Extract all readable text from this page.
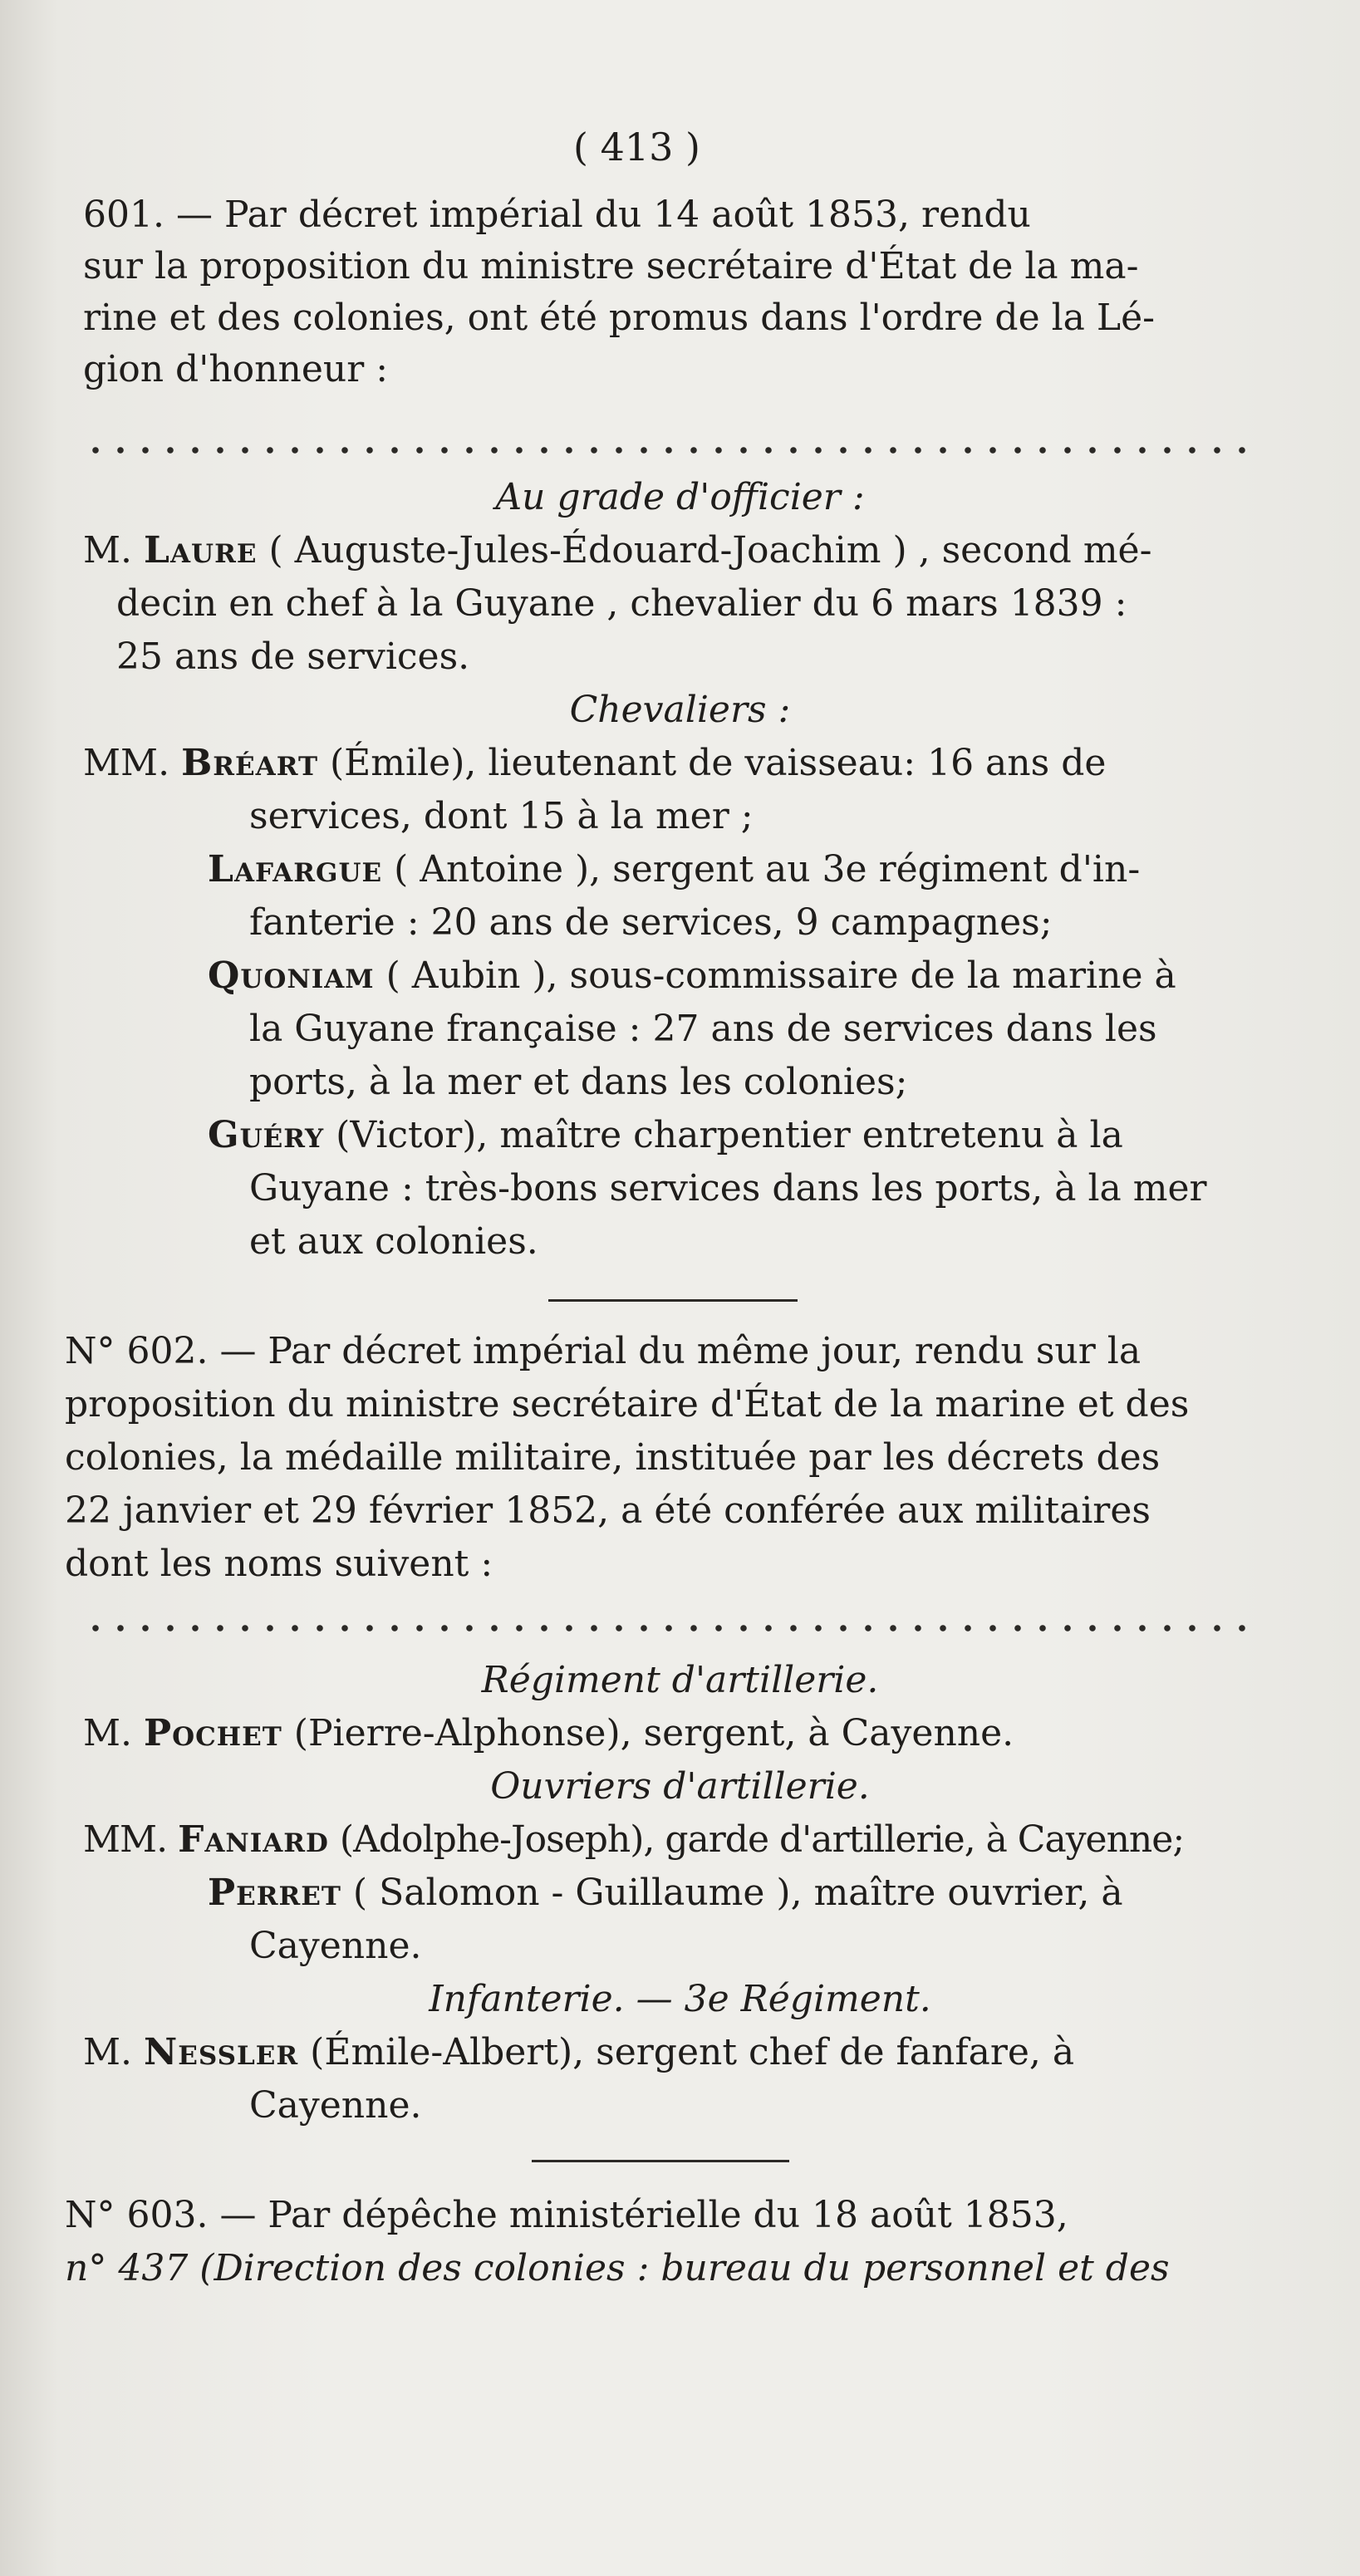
( 413 )
601. — Par décret impérial du 14 août 1853, rendu
sur la proposition du ministre secrétaire d'État de la ma-
rine et des colonies, ont été promus dans l'ordre de la Lé-
gion d'honneur :
Au grade d'officier :
M. Laure ( Auguste-Jules-Édouard-Joachim ) , second mé-
decin en chef à la Guyane , chevalier du 6 mars 1839 :
25 ans de services.
Chevaliers :
MM. Bréart (Émile), lieutenant de vaisseau: 16 ans de
services, dont 15 à la mer ;
Lafargue ( Antoine ), sergent au 3e régiment d'in-
fanterie : 20 ans de services, 9 campagnes;
Quoniam ( Aubin ), sous-commissaire de la marine à
la Guyane française : 27 ans de services dans les
ports, à la mer et dans les colonies;
Guéry (Victor), maître charpentier entretenu à la
Guyane : très-bons services dans les ports, à la mer
et aux colonies.
N° 602. — Par décret impérial du même jour, rendu sur la
proposition du ministre secrétaire d'État de la marine et des
colonies, la médaille militaire, instituée par les décrets des
22 janvier et 29 février 1852, a été conférée aux militaires
dont les noms suivent :
Régiment d'artillerie.
M. Pochet (Pierre-Alphonse), sergent, à Cayenne.
Ouvriers d'artillerie.
MM. Faniard (Adolphe-Joseph), garde d'artillerie, à Cayenne;
Perret ( Salomon - Guillaume ), maître ouvrier, à
Cayenne.
Infanterie. — 3e Régiment.
M. Nessler (Émile-Albert), sergent chef de fanfare, à
Cayenne.
N° 603. — Par dépêche ministérielle du 18 août 1853,
n° 437 (Direction des colonies : bureau du personnel et des
